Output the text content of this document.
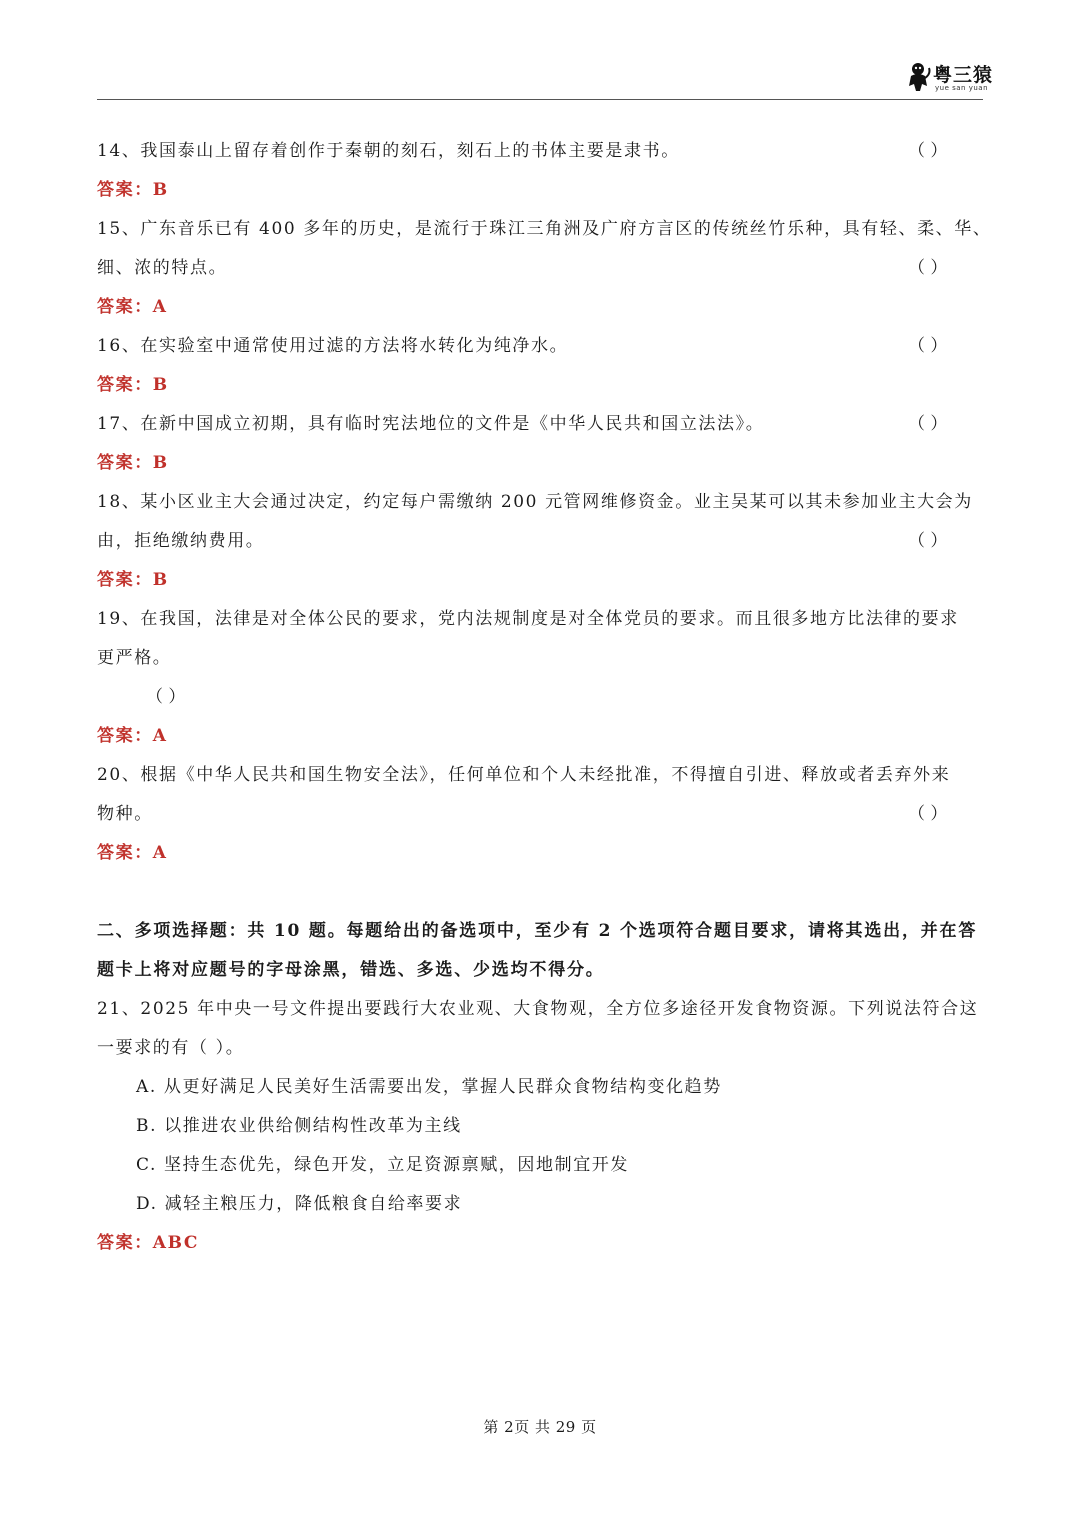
粤三猿
yue san yuan
14、我国泰山上留存着创作于秦朝的刻石，刻石上的书体主要是隶书。	（ ）
答案：B
15、广东音乐已有 400 多年的历史，是流行于珠江三角洲及广府方言区的传统丝竹乐种，具有轻、柔、华、
细、浓的特点。	（ ）
答案：A
16、在实验室中通常使用过滤的方法将水转化为纯净水。	（ ）
答案：B
17、在新中国成立初期，具有临时宪法地位的文件是《中华人民共和国立法法》。	（ ）
答案：B
18、某小区业主大会通过决定，约定每户需缴纳 200 元管网维修资金。业主吴某可以其未参加业主大会为
由，拒绝缴纳费用。	（ ）
答案：B
19、在我国，法律是对全体公民的要求，党内法规制度是对全体党员的要求。而且很多地方比法律的要求
更严格。
（ ）
答案：A
20、根据《中华人民共和国生物安全法》，任何单位和个人未经批准，不得擅自引进、释放或者丢弃外来
物种。	（ ）
答案：A
二、多项选择题：共 10 题。每题给出的备选项中，至少有 2 个选项符合题目要求，请将其选出，并在答
题卡上将对应题号的字母涂黑，错选、多选、少选均不得分。
21、2025 年中央一号文件提出要践行大农业观、大食物观，全方位多途径开发食物资源。下列说法符合这
一要求的有（ ）。
A. 从更好满足人民美好生活需要出发，掌握人民群众食物结构变化趋势
B. 以推进农业供给侧结构性改革为主线
C. 坚持生态优先，绿色开发，立足资源禀赋，因地制宜开发
D. 减轻主粮压力，降低粮食自给率要求
答案：ABC
第 2页 共 29 页
